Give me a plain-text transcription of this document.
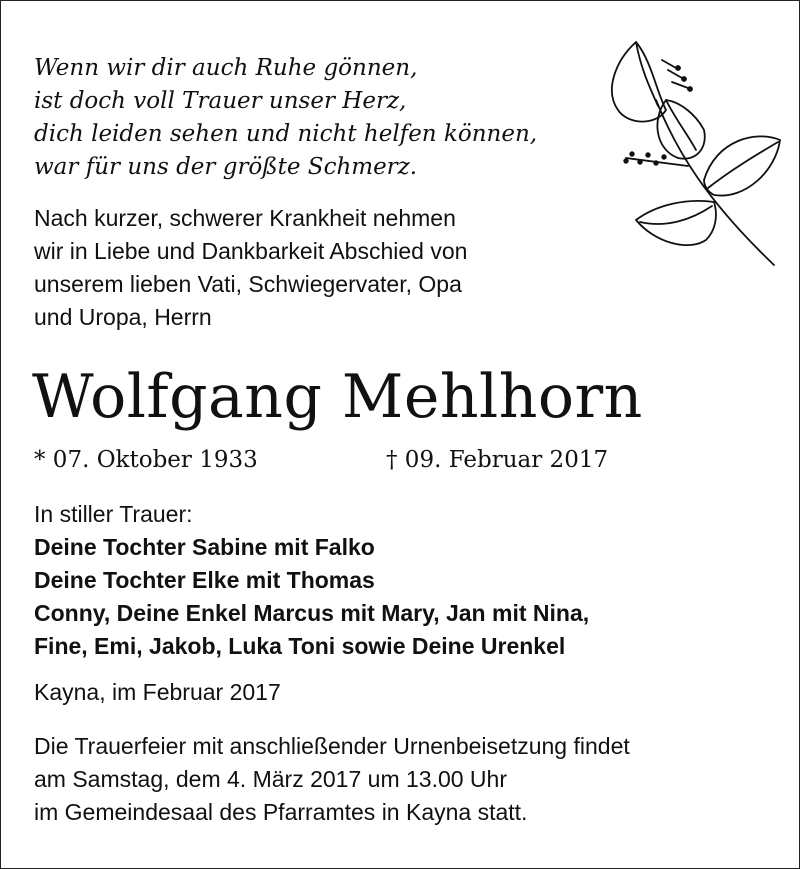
Wenn wir dir auch Ruhe gönnen,
ist doch voll Trauer unser Herz,
dich leiden sehen und nicht helfen können,
war für uns der größte Schmerz.
Nach kurzer, schwerer Krankheit nehmen
wir in Liebe und Dankbarkeit Abschied von
unserem lieben Vati, Schwiegervater, Opa
und Uropa, Herrn
Wolfgang Mehlhorn
* 07. Oktober 1933	† 09. Februar 2017
In stiller Trauer:
Deine Tochter Sabine mit Falko
Deine Tochter Elke mit Thomas
Conny, Deine Enkel Marcus mit Mary, Jan mit Nina,
Fine, Emi, Jakob, Luka Toni sowie Deine Urenkel
Kayna, im Februar 2017
Die Trauerfeier mit anschließender Urnenbeisetzung findet
am Samstag, dem 4. März 2017 um 13.00 Uhr
im Gemeindesaal des Pfarramtes in Kayna statt.
